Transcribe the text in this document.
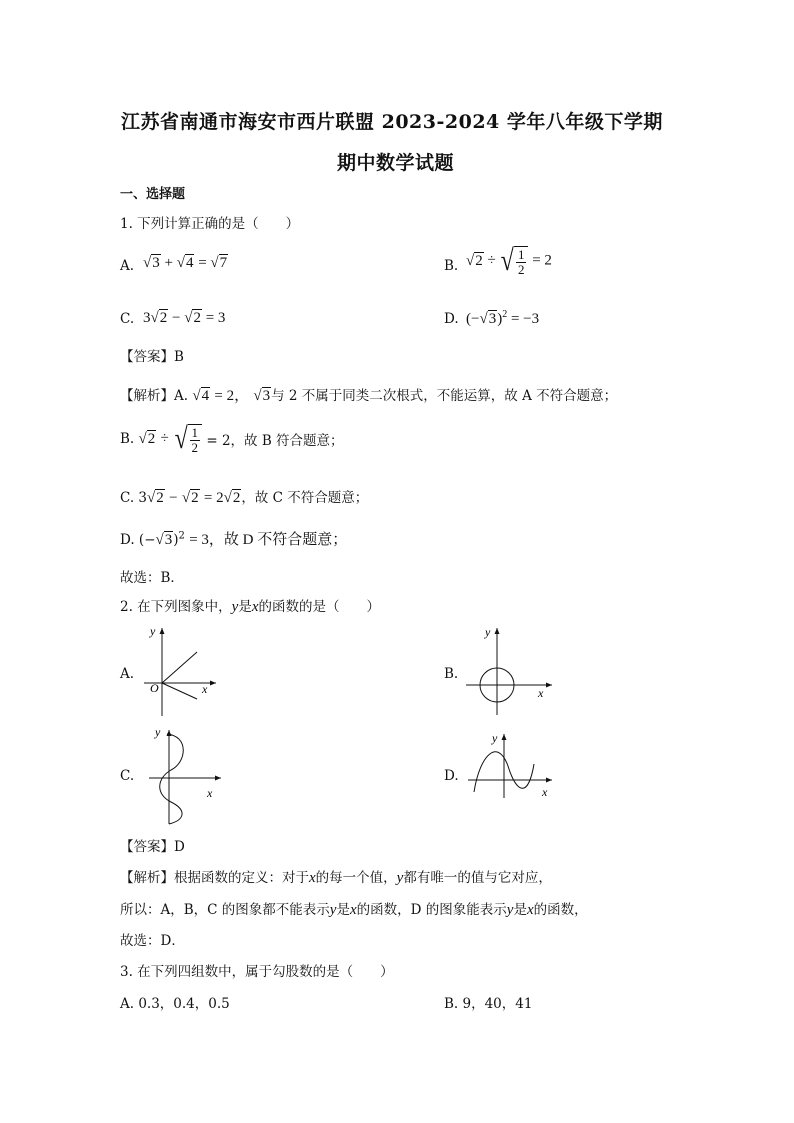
江苏省南通市海安市西片联盟 2023-2024 学年八年级下学期
期中数学试题
一、选择题
1. 下列计算正确的是（　　）
A. √3 + √4 = √7	B. √2 ÷ √ $\frac{1}{2} = 2$
C. 3√2 − √2 = 3	D. $(-√3)^2 = -3$
【答案】B
【解析】A. √4 = 2， √3与 2 不属于同类二次根式，不能运算，故 A 不符合题意；
B. √2 ÷ √ $\frac{1}{2} = 2$，故 B 符合题意；
C. 3√2 − √2 = 2√2，故 C 不符合题意；
D. $(-√3)^2 = 3$，故 D 不符合题意；
故选：B．
2. 在下列图象中，y是x的函数的是（　　）
A.
y
x
O
B.
y
x
C.
y
x
D.
y
x
【答案】D
【解析】根据函数的定义：对于x的每一个值，y都有唯一的值与它对应，
所以：A，B，C 的图象都不能表示y是x的函数，D 的图象能表示y是x的函数，
故选：D．
3. 在下列四组数中，属于勾股数的是（　　）
A. 0.3，0.4，0.5	B. 9，40，41
